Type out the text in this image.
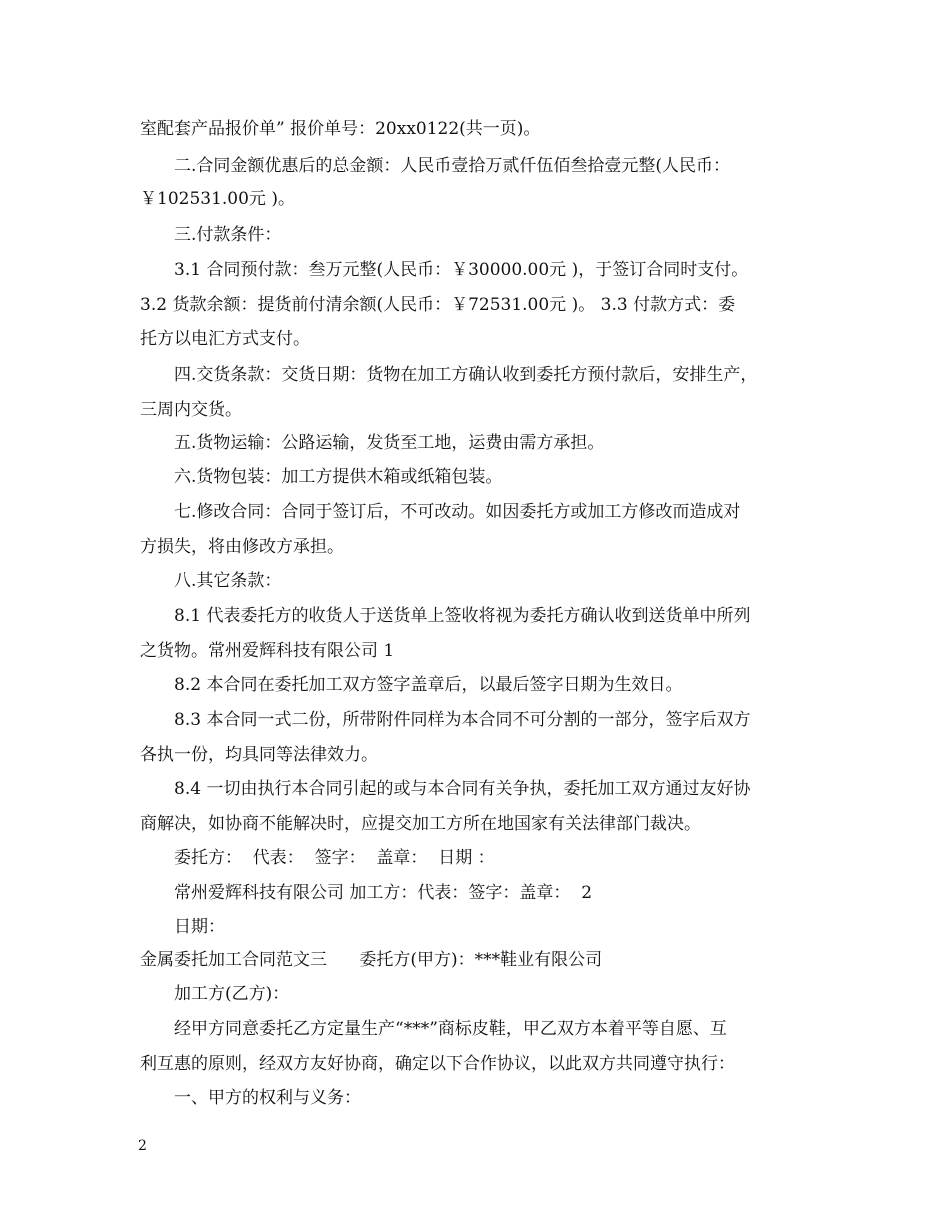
室配套产品报价单” 报价单号：20xx0122(共一页)。
二.合同金额优惠后的总金额：人民币壹拾万贰仟伍佰叁拾壹元整(人民币：
￥102531.00元 )。
三.付款条件：
3.1 合同预付款：叁万元整(人民币：￥30000.00元 )，于签订合同时支付。
3.2 货款余额：提货前付清余额(人民币：￥72531.00元 )。 3.3 付款方式：委
托方以电汇方式支付。
四.交货条款：交货日期：货物在加工方确认收到委托方预付款后，安排生产，
三周内交货。
五.货物运输：公路运输，发货至工地，运费由需方承担。
六.货物包装：加工方提供木箱或纸箱包装。
七.修改合同：合同于签订后，不可改动。如因委托方或加工方修改而造成对
方损失，将由修改方承担。
八.其它条款：
8.1 代表委托方的收货人于送货单上签收将视为委托方确认收到送货单中所列
之货物。常州爱辉科技有限公司 1
8.2 本合同在委托加工双方签字盖章后，以最后签字日期为生效日。
8.3 本合同一式二份，所带附件同样为本合同不可分割的一部分，签字后双方
各执一份，均具同等法律效力。
8.4 一切由执行本合同引起的或与本合同有关争执，委托加工双方通过友好协
商解决，如协商不能解决时，应提交加工方所在地国家有关法律部门裁决。
委托方：  代表：  签字：  盖章：  日期 ：
常州爱辉科技有限公司 加工方：代表：签字：盖章：  2
日期：
金属委托加工合同范文三      委托方(甲方)：***鞋业有限公司
加工方(乙方)：
经甲方同意委托乙方定量生产“***”商标皮鞋，甲乙双方本着平等自愿、互
利互惠的原则，经双方友好协商，确定以下合作协议，以此双方共同遵守执行：
一、甲方的权利与义务：
2
